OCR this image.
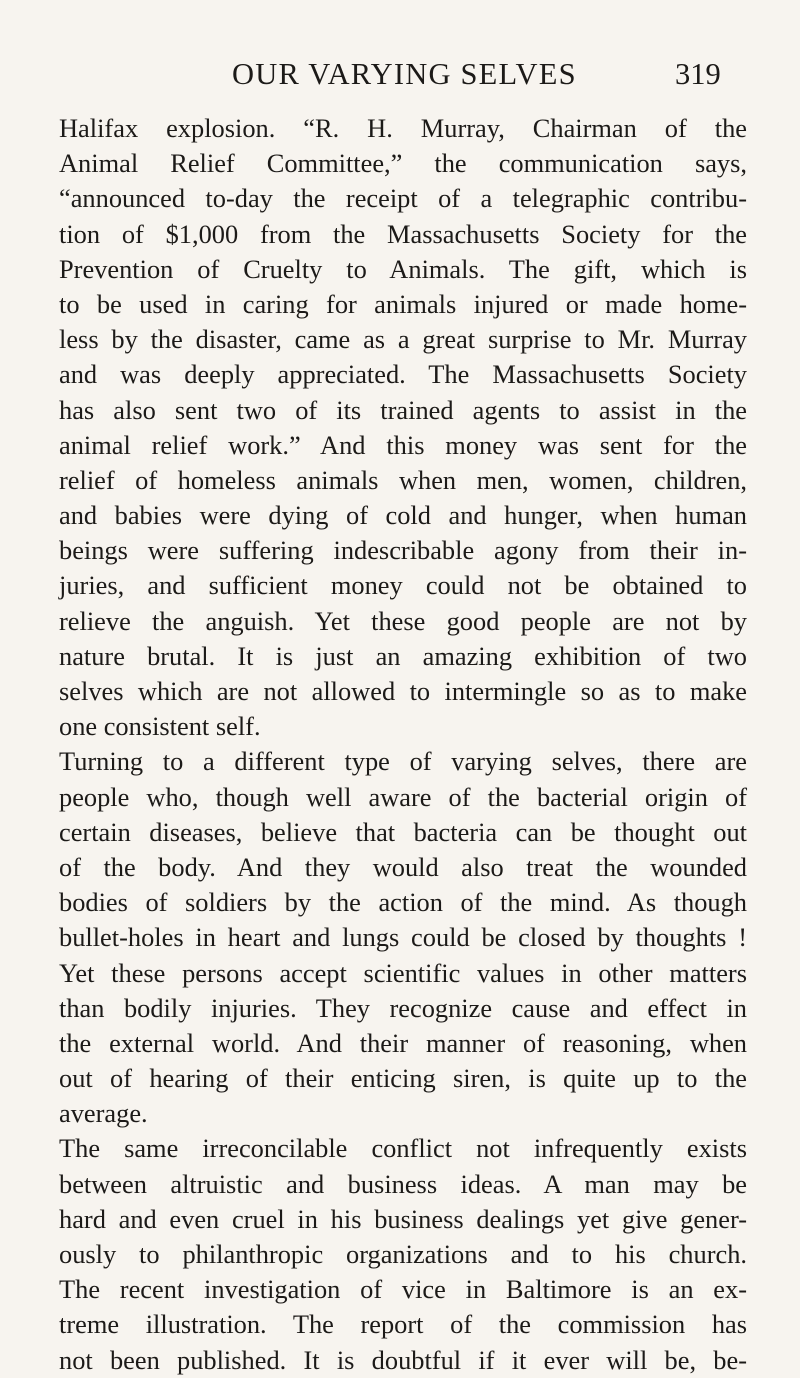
OUR VARYING SELVES	319
Halifax explosion. “R. H. Murray, Chairman of the
Animal Relief Committee,” the communication says,
“announced to-day the receipt of a telegraphic contribu-
tion of $1,000 from the Massachusetts Society for the
Prevention of Cruelty to Animals. The gift, which is
to be used in caring for animals injured or made home-
less by the disaster, came as a great surprise to Mr. Murray
and was deeply appreciated. The Massachusetts Society
has also sent two of its trained agents to assist in the
animal relief work.” And this money was sent for the
relief of homeless animals when men, women, children,
and babies were dying of cold and hunger, when human
beings were suffering indescribable agony from their in-
juries, and sufficient money could not be obtained to
relieve the anguish. Yet these good people are not by
nature brutal. It is just an amazing exhibition of two
selves which are not allowed to intermingle so as to make
one consistent self.
Turning to a different type of varying selves, there are
people who, though well aware of the bacterial origin of
certain diseases, believe that bacteria can be thought out
of the body. And they would also treat the wounded
bodies of soldiers by the action of the mind. As though
bullet-holes in heart and lungs could be closed by thoughts !
Yet these persons accept scientific values in other matters
than bodily injuries. They recognize cause and effect in
the external world. And their manner of reasoning, when
out of hearing of their enticing siren, is quite up to the
average.
The same irreconcilable conflict not infrequently exists
between altruistic and business ideas. A man may be
hard and even cruel in his business dealings yet give gener-
ously to philanthropic organizations and to his church.
The recent investigation of vice in Baltimore is an ex-
treme illustration. The report of the commission has
not been published. It is doubtful if it ever will be, be-
